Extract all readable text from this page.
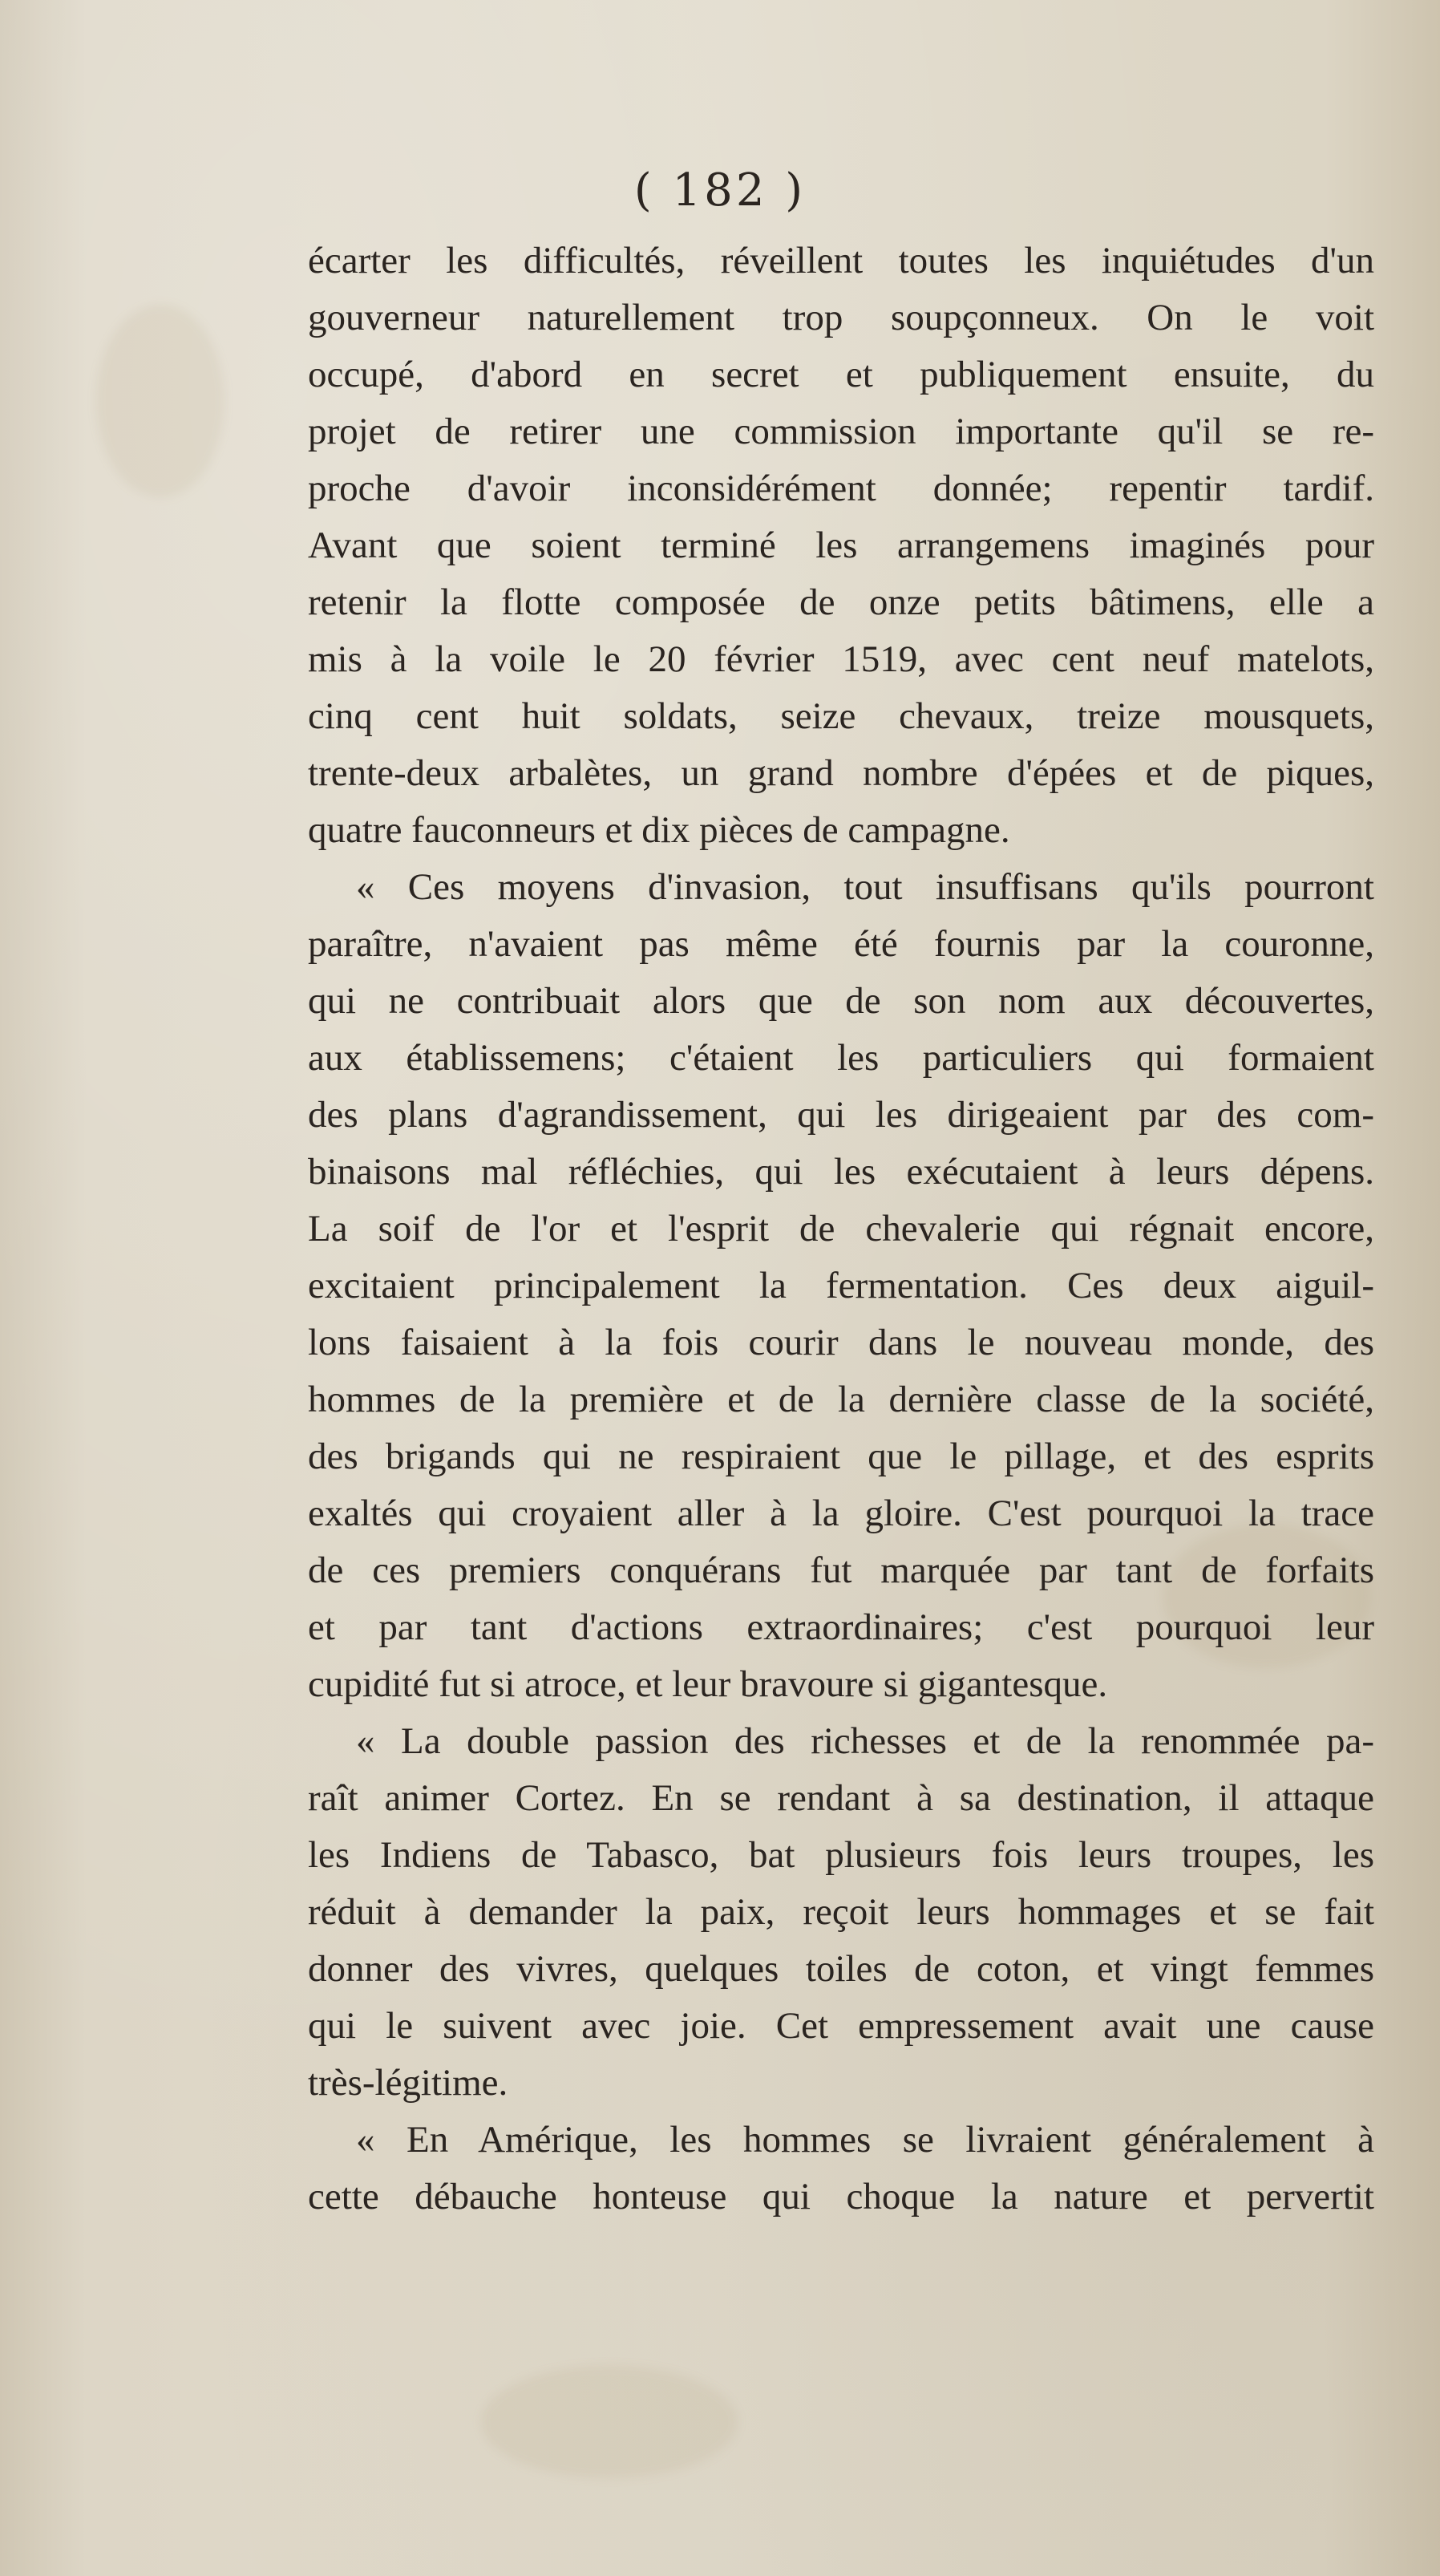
( 182 )
écarter les difficultés, réveillent toutes les inquiétudes d'un
gouverneur naturellement trop soupçonneux. On le voit
occupé, d'abord en secret et publiquement ensuite, du
projet de retirer une commission importante qu'il se re-
proche d'avoir inconsidérément donnée; repentir tardif.
Avant que soient terminé les arrangemens imaginés pour
retenir la flotte composée de onze petits bâtimens, elle a
mis à la voile le 20 février 1519, avec cent neuf matelots,
cinq cent huit soldats, seize chevaux, treize mousquets,
trente-deux arbalètes, un grand nombre d'épées et de piques,
quatre fauconneurs et dix pièces de campagne.
« Ces moyens d'invasion, tout insuffisans qu'ils pourront
paraître, n'avaient pas même été fournis par la couronne,
qui ne contribuait alors que de son nom aux découvertes,
aux établissemens; c'étaient les particuliers qui formaient
des plans d'agrandissement, qui les dirigeaient par des com-
binaisons mal réfléchies, qui les exécutaient à leurs dépens.
La soif de l'or et l'esprit de chevalerie qui régnait encore,
excitaient principalement la fermentation. Ces deux aiguil-
lons faisaient à la fois courir dans le nouveau monde, des
hommes de la première et de la dernière classe de la société,
des brigands qui ne respiraient que le pillage, et des esprits
exaltés qui croyaient aller à la gloire. C'est pourquoi la trace
de ces premiers conquérans fut marquée par tant de forfaits
et par tant d'actions extraordinaires; c'est pourquoi leur
cupidité fut si atroce, et leur bravoure si gigantesque.
« La double passion des richesses et de la renommée pa-
raît animer Cortez. En se rendant à sa destination, il attaque
les Indiens de Tabasco, bat plusieurs fois leurs troupes, les
réduit à demander la paix, reçoit leurs hommages et se fait
donner des vivres, quelques toiles de coton, et vingt femmes
qui le suivent avec joie. Cet empressement avait une cause
très-légitime.
« En Amérique, les hommes se livraient généralement à
cette débauche honteuse qui choque la nature et pervertit
